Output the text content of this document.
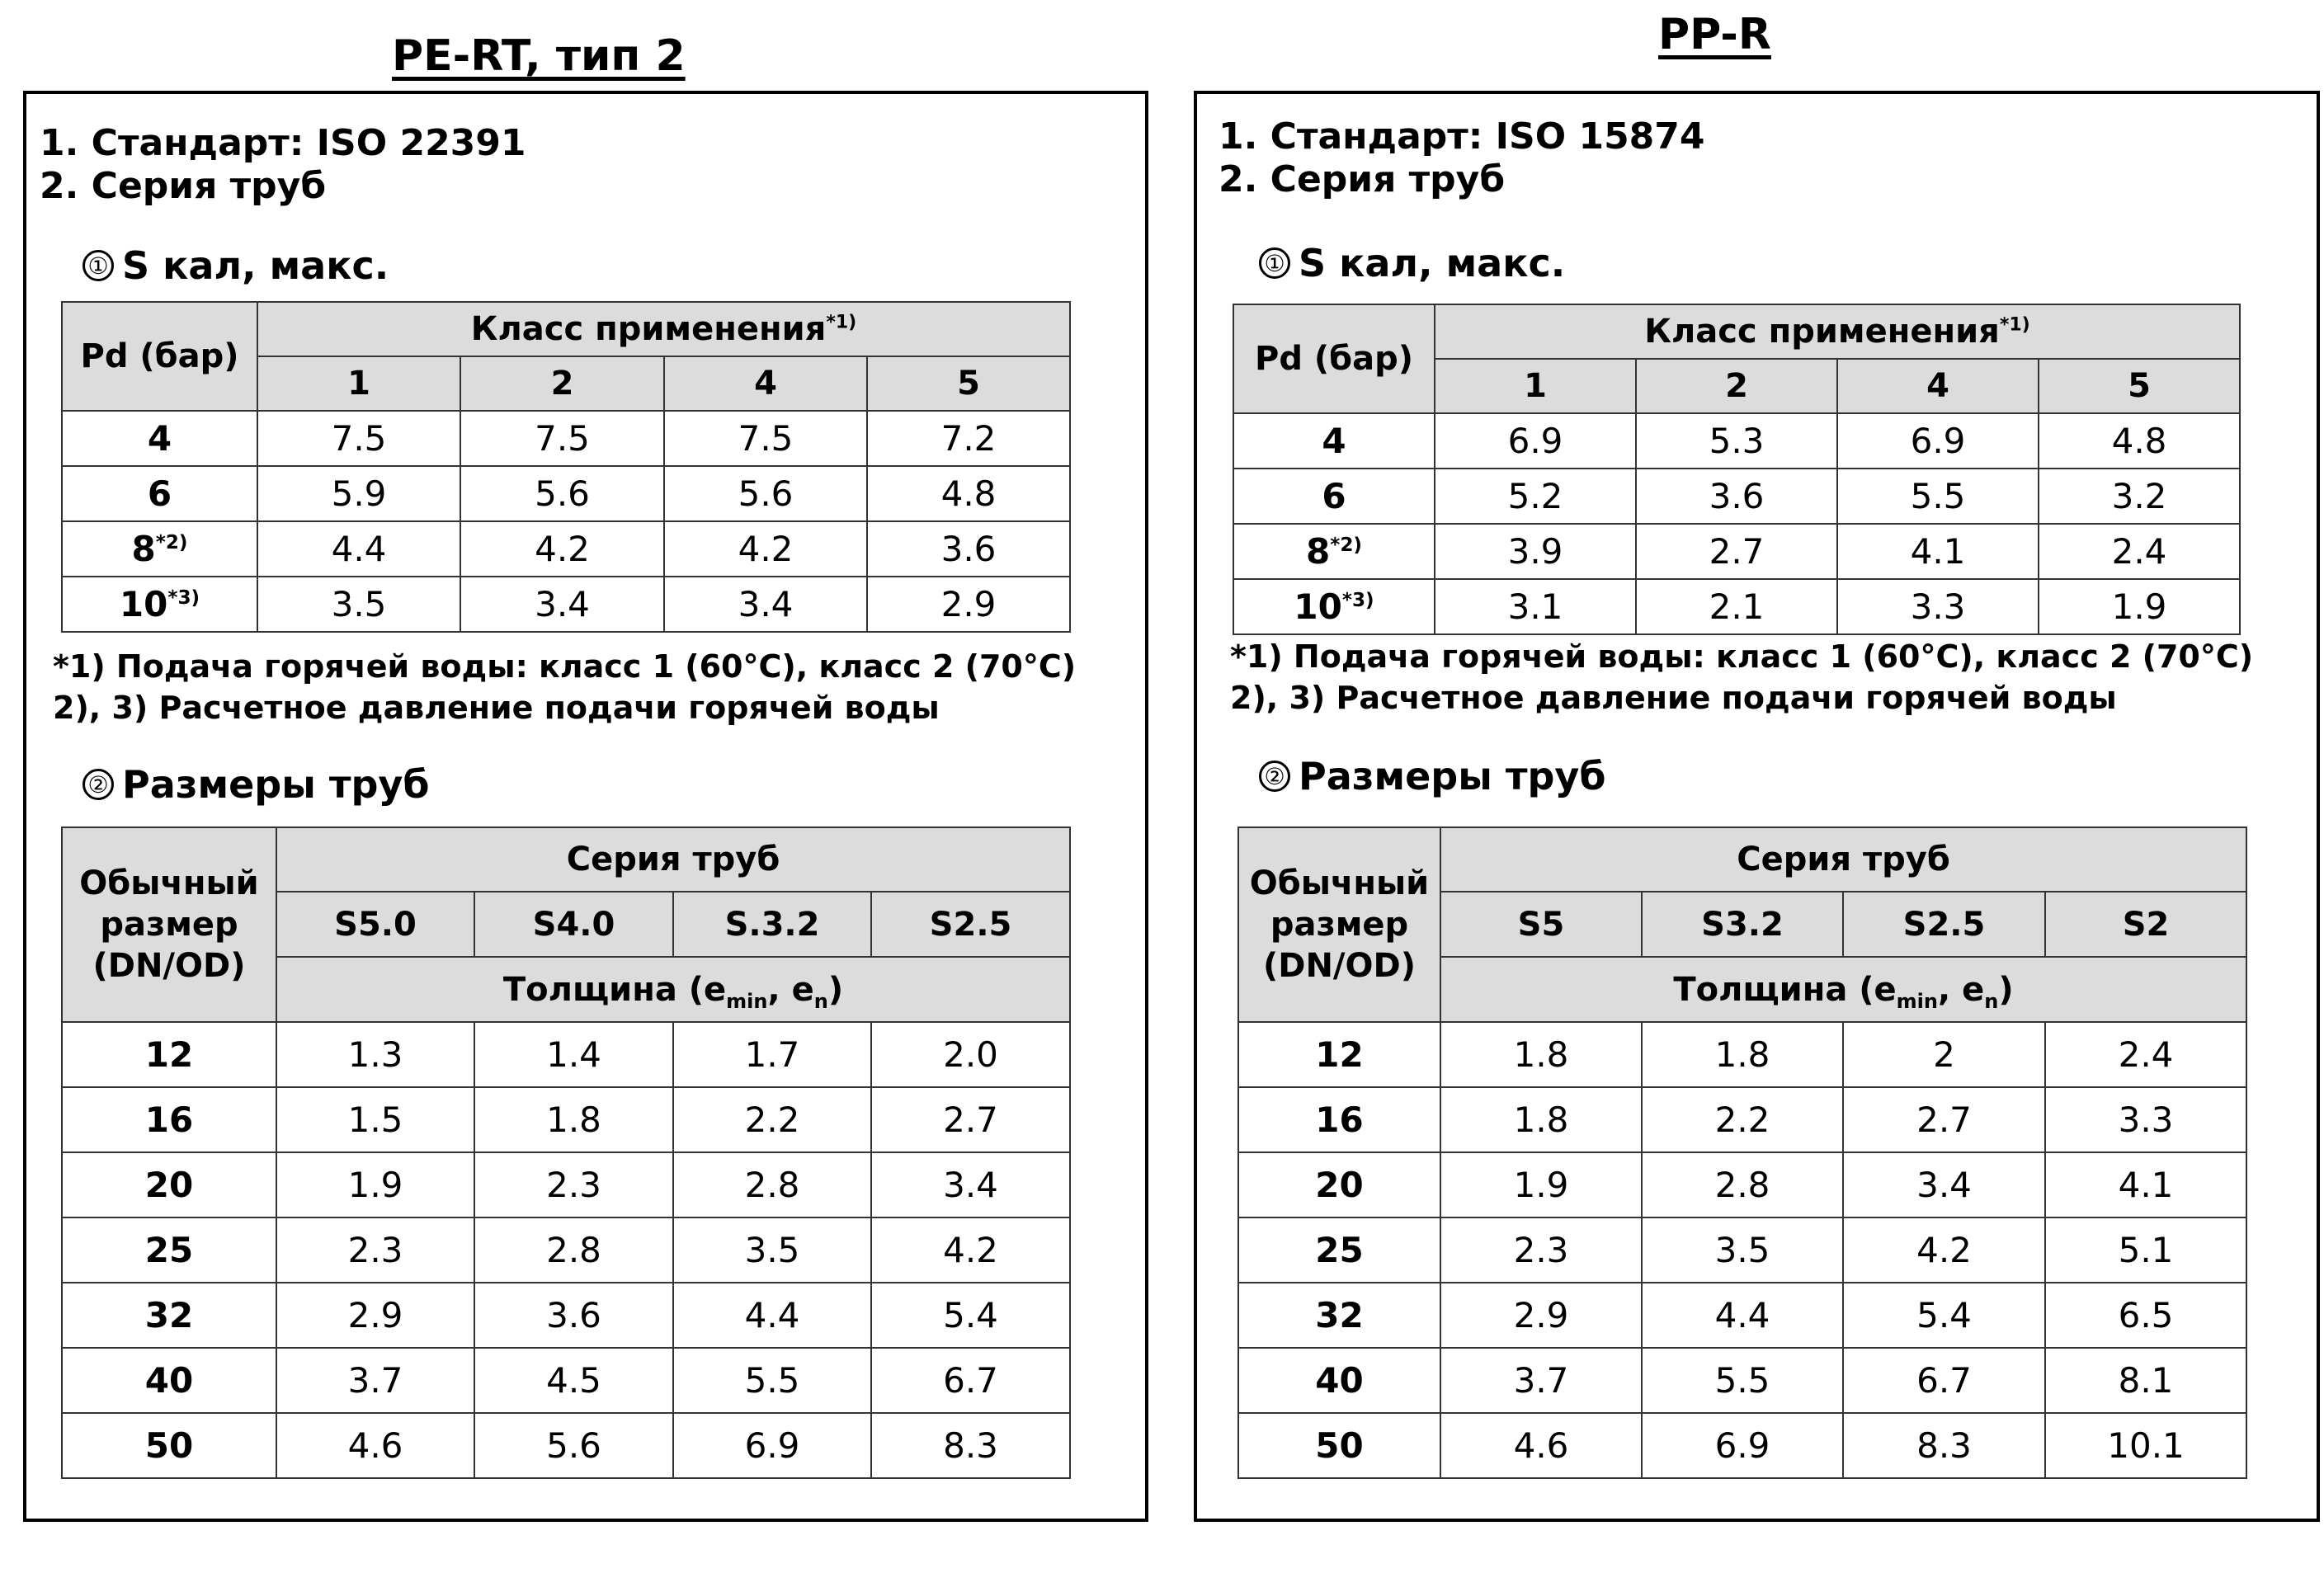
PE-RT, тип 2
1. Стандарт: ISO 22391
2. Серия труб
① S кал, макс.
Pd (бар)	Класс применения$^{*1)}$
	1	2	4	5
4	7.5	7.5	7.5	7.2
6	5.9	5.6	5.6	4.8
8$^{*2)}$	4.4	4.2	4.2	3.6
10$^{*3)}$	3.5	3.4	3.4	2.9
*1) Подача горячей воды: класс 1 (60°C), класс 2 (70°C)
2), 3) Расчетное давление подачи горячей воды
② Размеры труб
Обычный размер (DN/OD)	Серия труб			
	S5.0	S4.0	S.3.2	S2.5
	Толщина ($e_{min}$, $e_n$)			
12	1.3	1.4	1.7	2.0
16	1.5	1.8	2.2	2.7
20	1.9	2.3	2.8	3.4
25	2.3	2.8	3.5	4.2
32	2.9	3.6	4.4	5.4
40	3.7	4.5	5.5	6.7
50	4.6	5.6	6.9	8.3
PP-R
1. Стандарт: ISO 15874
2. Серия труб
① S кал, макс.
Pd (бар)	Класс применения$^{*1)}$
	1	2	4	5
4	6.9	5.3	6.9	4.8
6	5.2	3.6	5.5	3.2
8$^{*2)}$	3.9	2.7	4.1	2.4
10$^{*3)}$	3.1	2.1	3.3	1.9
*1) Подача горячей воды: класс 1 (60°C), класс 2 (70°C)
2), 3) Расчетное давление подачи горячей воды
② Размеры труб
Обычный размер (DN/OD)	Серия труб			
	S5	S3.2	S2.5	S2
	Толщина ($e_{min}$, $e_n$)			
12	1.8	1.8	2	2.4
16	1.8	2.2	2.7	3.3
20	1.9	2.8	3.4	4.1
25	2.3	3.5	4.2	5.1
32	2.9	4.4	5.4	6.5
40	3.7	5.5	6.7	8.1
50	4.6	6.9	8.3	10.1
